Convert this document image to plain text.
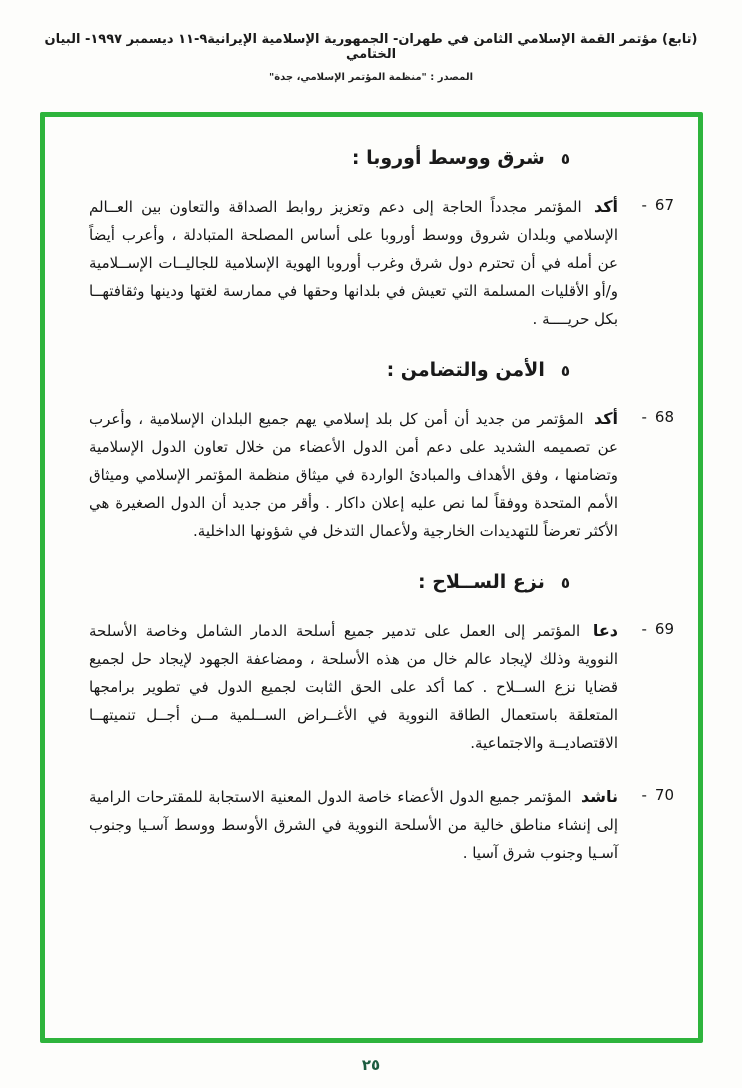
(تابع) مؤتمر القمة الإسلامي الثامن في طهران- الجمهورية الإسلامية الإيرانية٩-١١ ديسمبر ١٩٩٧- البيان الختامي
المصدر : "منظمة المؤتمر الإسلامي، جدة"
٥
شرق ووسط أوروبا :
67
-

أكد المؤتمر مجدداً الحاجة إلى دعم وتعزيز روابط الصداقة والتعاون بين العــالم الإسلامي وبلدان شروق ووسط أوروبا على أساس المصلحة المتبادلة ، وأعرب أيضاً عن أمله في أن تحترم دول شرق وغرب أوروبا الهوية الإسلامية للجاليــات الإســلامية و/أو الأقليات المسلمة التي تعيش في بلدانها وحقها في ممارسة لغتها ودينها وثقافتهــا بكل حريــــة .

٥
الأمن والتضامن :
68
-

أكد المؤتمر من جديد أن أمن كل بلد إسلامي يهم جميع البلدان الإسلامية ، وأعرب عن تصميمه الشديد على دعم أمن الدول الأعضاء من خلال تعاون الدول الإسلامية وتضامنها ، وفق الأهداف والمبادئ الواردة في ميثاق منظمة المؤتمر الإسلامي وميثاق الأمم المتحدة ووفقاً لما نص عليه إعلان داكار . وأقر من جديد أن الدول الصغيرة هي الأكثر تعرضاً للتهديدات الخارجية ولأعمال التدخل في شؤونها الداخلية.

٥
نزع الســلاح :
69
-

دعا المؤتمر إلى العمل على تدمير جميع أسلحة الدمار الشامل وخاصة الأسلحة النووية وذلك لإيجاد عالم خال من هذه الأسلحة ، ومضاعفة الجهود لإيجاد حل لجميع قضايا نزع الســلاح . كما أكد على الحق الثابت لجميع الدول في تطوير برامجها المتعلقة باستعمال الطاقة النووية في الأغــراض الســلمية مــن أجــل تنميتهــا الاقتصاديــة والاجتماعية.

70
-

ناشد المؤتمر جميع الدول الأعضاء خاصة الدول المعنية الاستجابة للمقترحات الرامية إلى إنشاء مناطق خالية من الأسلحة النووية في الشرق الأوسط ووسط آسـيا وجنوب آسـيا وجنوب شرق آسيا .

٢٥
